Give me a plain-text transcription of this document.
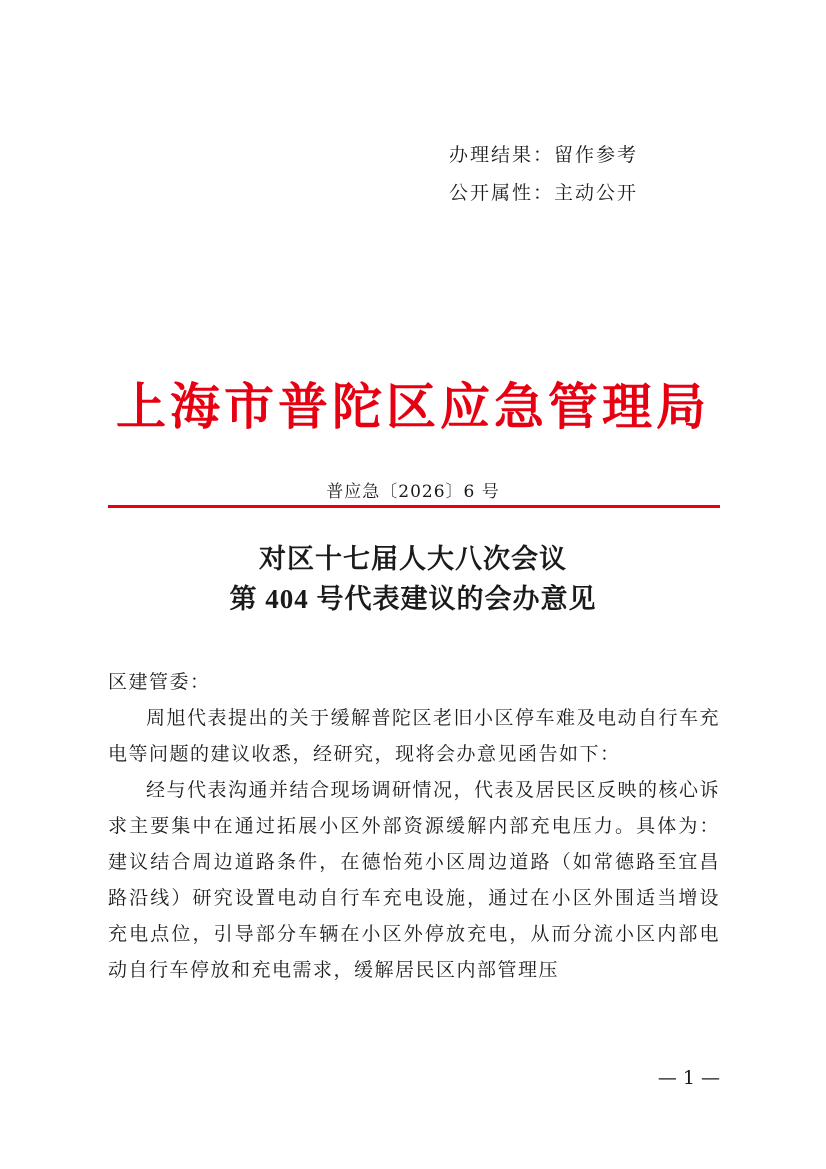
办理结果：留作参考
公开属性：主动公开
上海市普陀区应急管理局
普应急〔2026〕6 号
对区十七届人大八次会议
第 404 号代表建议的会办意见

区建管委：

周旭代表提出的关于缓解普陀区老旧小区停车难及电动自行车充电等问题的建议收悉，经研究，现将会办意见函告如下：

经与代表沟通并结合现场调研情况，代表及居民区反映的核心诉求主要集中在通过拓展小区外部资源缓解内部充电压力。具体为：建议结合周边道路条件，在德怡苑小区周边道路（如常德路至宜昌路沿线）研究设置电动自行车充电设施，通过在小区外围适当增设充电点位，引导部分车辆在小区外停放充电，从而分流小区内部电动自行车停放和充电需求，缓解居民区内部管理压

— 1 —
